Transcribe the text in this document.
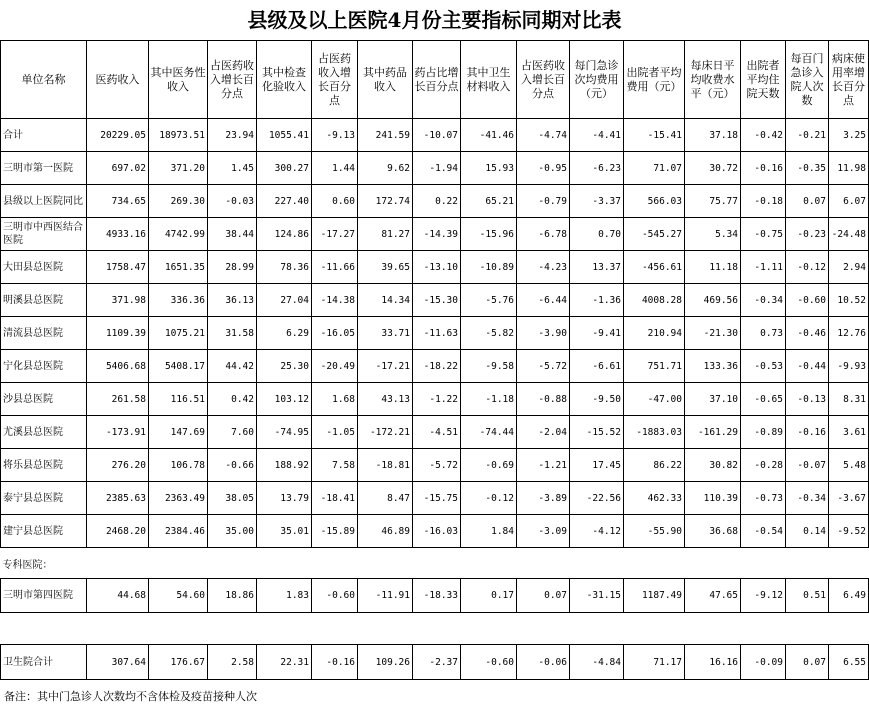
县级及以上医院4月份主要指标同期对比表
单位名称	医药收入	其中医务性收入	占医药收入增长百分点	其中检查化验收入	占医药收入增长百分点	其中药品收入	药占比增长百分点	其中卫生材料收入	占医药收入增长百分点	每门急诊次均费用（元）	出院者平均费用（元）	每床日平均收费水平（元）	出院者平均住院天数	每百门急诊入院人次数	病床使用率增长百分点
合计	20229.05	18973.51	23.94	1055.41	-9.13	241.59	-10.07	-41.46	-4.74	-4.41	-15.41	37.18	-0.42	-0.21	3.25
三明市第一医院	697.02	371.20	1.45	300.27	1.44	9.62	-1.94	15.93	-0.95	-6.23	71.07	30.72	-0.16	-0.35	11.98
县级以上医院同比	734.65	269.30	-0.03	227.40	0.60	172.74	0.22	65.21	-0.79	-3.37	566.03	75.77	-0.18	0.07	6.07
三明市中西医结合医院	4933.16	4742.99	38.44	124.86	-17.27	81.27	-14.39	-15.96	-6.78	0.70	-545.27	5.34	-0.75	-0.23	-24.48
大田县总医院	1758.47	1651.35	28.99	78.36	-11.66	39.65	-13.10	-10.89	-4.23	13.37	-456.61	11.18	-1.11	-0.12	2.94
明溪县总医院	371.98	336.36	36.13	27.04	-14.38	14.34	-15.30	-5.76	-6.44	-1.36	4008.28	469.56	-0.34	-0.60	10.52
清流县总医院	1109.39	1075.21	31.58	6.29	-16.05	33.71	-11.63	-5.82	-3.90	-9.41	210.94	-21.30	0.73	-0.46	12.76
宁化县总医院	5406.68	5408.17	44.42	25.30	-20.49	-17.21	-18.22	-9.58	-5.72	-6.61	751.71	133.36	-0.53	-0.44	-9.93
沙县总医院	261.58	116.51	0.42	103.12	1.68	43.13	-1.22	-1.18	-0.88	-9.50	-47.00	37.10	-0.65	-0.13	8.31
尤溪县总医院	-173.91	147.69	7.60	-74.95	-1.05	-172.21	-4.51	-74.44	-2.04	-15.52	-1883.03	-161.29	-0.89	-0.16	3.61
将乐县总医院	276.20	106.78	-0.66	188.92	7.58	-18.81	-5.72	-0.69	-1.21	17.45	86.22	30.82	-0.28	-0.07	5.48
泰宁县总医院	2385.63	2363.49	38.05	13.79	-18.41	8.47	-15.75	-0.12	-3.89	-22.56	462.33	110.39	-0.73	-0.34	-3.67
建宁县总医院	2468.20	2384.46	35.00	35.01	-15.89	46.89	-16.03	1.84	-3.09	-4.12	-55.90	36.68	-0.54	0.14	-9.52
专科医院：															
三明市第四医院	44.68	54.60	18.86	1.83	-0.60	-11.91	-18.33	0.17	0.07	-31.15	1187.49	47.65	-9.12	0.51	6.49

卫生院合计	307.64	176.67	2.58	22.31	-0.16	109.26	-2.37	-0.60	-0.06	-4.84	71.17	16.16	-0.09	0.07	6.55
备注：其中门急诊人次数均不含体检及疫苗接种人次
